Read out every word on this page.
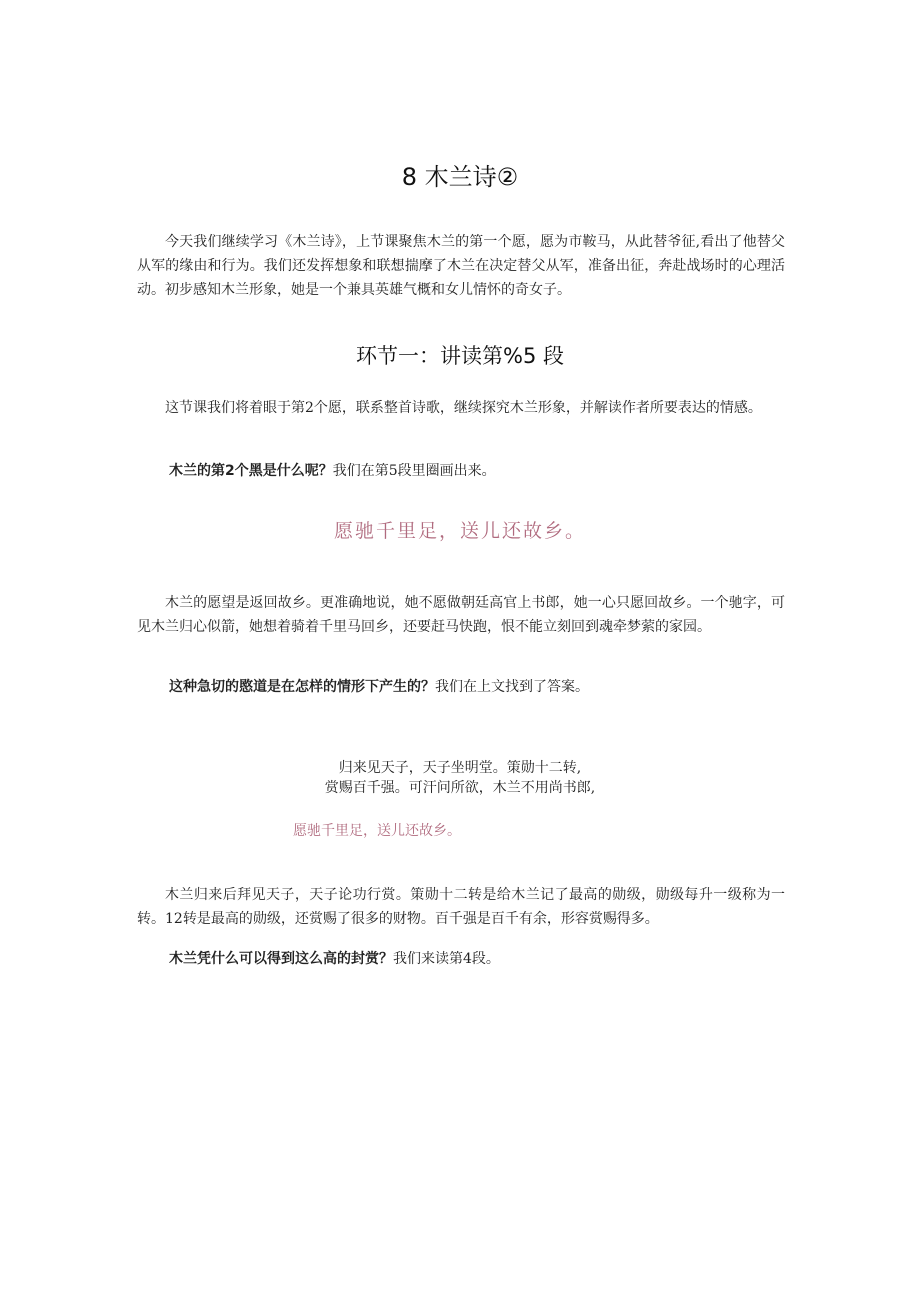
8 木兰诗②
今天我们继续学习《木兰诗》，上节课聚焦木兰的第一个愿，愿为市鞍马，从此替爷征,看出了他替父从军的缘由和行为。我们还发挥想象和联想揣摩了木兰在决定替父从军，准备出征，奔赴战场时的心理活动。初步感知木兰形象，她是一个兼具英雄气概和女儿情怀的奇女子。
环节一：讲读第%5 段
这节课我们将着眼于第2个愿，联系整首诗歌，继续探究木兰形象，并解读作者所要表达的情感。
木兰的第2个黑是什么呢？我们在第5段里圈画出来。
愿驰千里足，送儿还故乡。
木兰的愿望是返回故乡。更准确地说，她不愿做朝廷高官上书郎，她一心只愿回故乡。一个驰字，可见木兰归心似箭，她想着骑着千里马回乡，还要赶马快跑，恨不能立刻回到魂牵梦萦的家园。
这种急切的愍道是在怎样的情形下产生的？我们在上文找到了答案。
归来见天子，天子坐明堂。策勋十二转,
赏赐百千强。可汗问所欲，木兰不用尚书郎,
愿驰千里足，送儿还故乡。
木兰归来后拜见天子，天子论功行赏。策勋十二转是给木兰记了最高的勋级，勋级每升一级称为一转。12转是最高的勋级，还赏赐了很多的财物。百千强是百千有余，形容赏赐得多。
木兰凭什么可以得到这么高的封赏？我们来读第4段。
